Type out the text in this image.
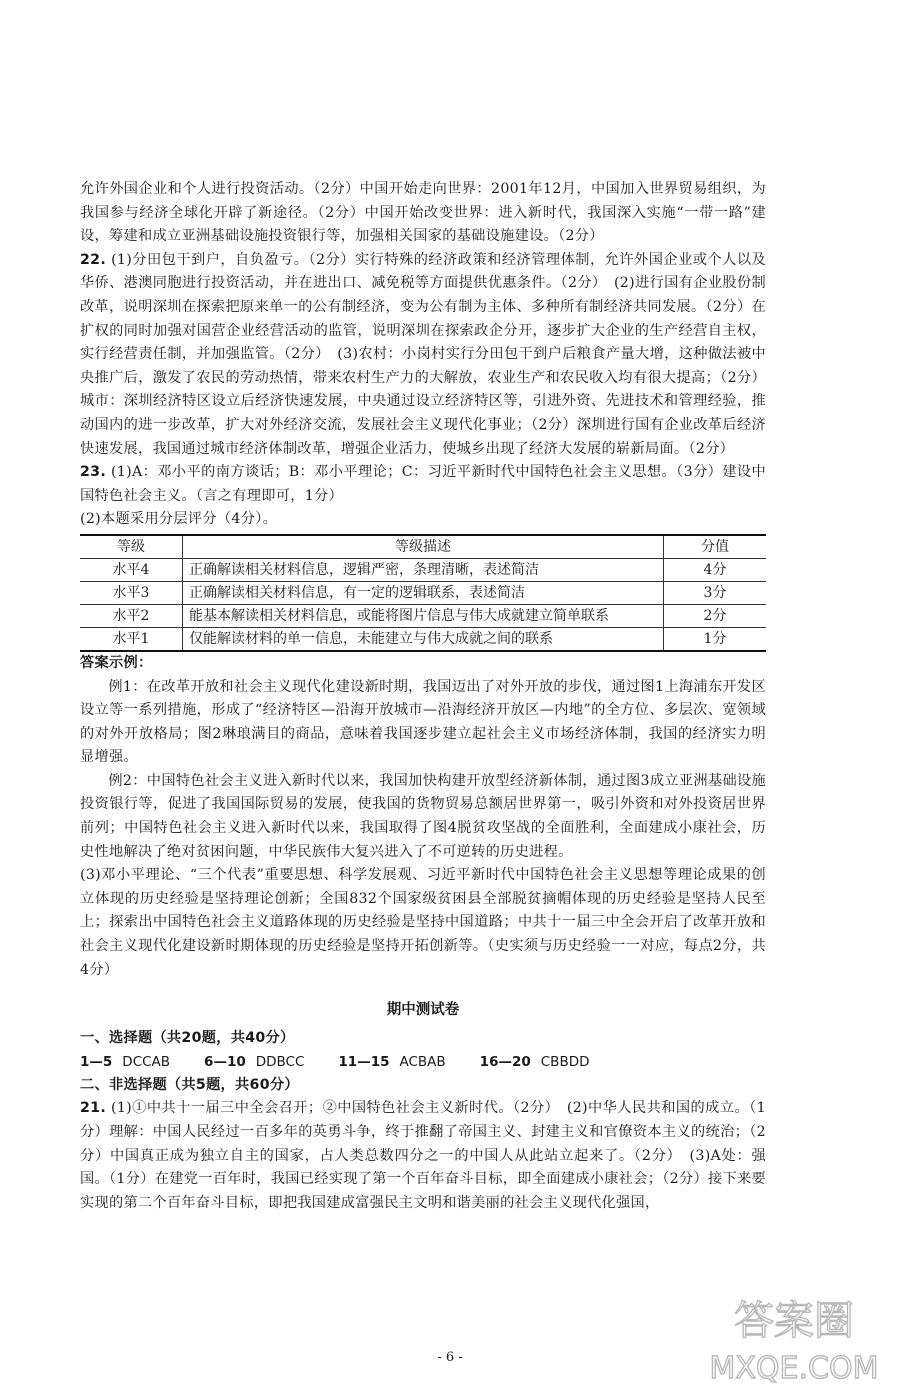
允许外国企业和个人进行投资活动。（2分）中国开始走向世界：2001年12月，中国加入世界贸易组织，为我国参与经济全球化开辟了新途径。（2分）中国开始改变世界：进入新时代，我国深入实施“一带一路”建设，筹建和成立亚洲基础设施投资银行等，加强相关国家的基础设施建设。（2分）

22. (1)分田包干到户，自负盈亏。（2分）实行特殊的经济政策和经济管理体制，允许外国企业或个人以及华侨、港澳同胞进行投资活动，并在进出口、减免税等方面提供优惠条件。（2分）　(2)进行国有企业股份制改革，说明深圳在探索把原来单一的公有制经济，变为公有制为主体、多种所有制经济共同发展。（2分）在扩权的同时加强对国营企业经营活动的监管，说明深圳在探索政企分开，逐步扩大企业的生产经营自主权，实行经营责任制，并加强监管。（2分）　(3)农村：小岗村实行分田包干到户后粮食产量大增，这种做法被中央推广后，激发了农民的劳动热情，带来农村生产力的大解放，农业生产和农民收入均有很大提高；（2分）城市：深圳经济特区设立后经济快速发展，中央通过设立经济特区等，引进外资、先进技术和管理经验，推动国内的进一步改革，扩大对外经济交流，发展社会主义现代化事业；（2分）深圳进行国有企业改革后经济快速发展，我国通过城市经济体制改革，增强企业活力，使城乡出现了经济大发展的崭新局面。（2分）

23. (1)A：邓小平的南方谈话；B：邓小平理论；C：习近平新时代中国特色社会主义思想。（3分）建设中国特色社会主义。（言之有理即可，1分）

(2)本题采用分层评分（4分）。

等级	等级描述	分值
水平4	正确解读相关材料信息，逻辑严密，条理清晰，表述简洁	4分
水平3	正确解读相关材料信息，有一定的逻辑联系，表述简洁	3分
水平2	能基本解读相关材料信息，或能将图片信息与伟大成就建立简单联系	2分
水平1	仅能解读材料的单一信息，未能建立与伟大成就之间的联系	1分

答案示例：

例1：在改革开放和社会主义现代化建设新时期，我国迈出了对外开放的步伐，通过图1上海浦东开发区设立等一系列措施，形成了“经济特区—沿海开放城市—沿海经济开放区—内地”的全方位、多层次、宽领域的对外开放格局；图2琳琅满目的商品，意味着我国逐步建立起社会主义市场经济体制，我国的经济实力明显增强。

例2：中国特色社会主义进入新时代以来，我国加快构建开放型经济新体制，通过图3成立亚洲基础设施投资银行等，促进了我国国际贸易的发展，使我国的货物贸易总额居世界第一，吸引外资和对外投资居世界前列；中国特色社会主义进入新时代以来，我国取得了图4脱贫攻坚战的全面胜利，全面建成小康社会，历史性地解决了绝对贫困问题，中华民族伟大复兴进入了不可逆转的历史进程。

(3)邓小平理论、“三个代表”重要思想、科学发展观、习近平新时代中国特色社会主义思想等理论成果的创立体现的历史经验是坚持理论创新；全国832个国家级贫困县全部脱贫摘帽体现的历史经验是坚持人民至上；探索出中国特色社会主义道路体现的历史经验是坚持中国道路；中共十一届三中全会开启了改革开放和社会主义现代化建设新时期体现的历史经验是坚持开拓创新等。（史实须与历史经验一一对应，每点2分，共4分）

期中测试卷

一、选择题（共20题，共40分）

1—5 DCCAB	6—10 DDBCC	11—15 ACBAB	16—20 CBBDD

二、非选择题（共5题，共60分）

21. (1)①中共十一届三中全会召开；②中国特色社会主义新时代。（2分）　(2)中华人民共和国的成立。（1分）理解：中国人民经过一百多年的英勇斗争，终于推翻了帝国主义、封建主义和官僚资本主义的统治；（2分）中国真正成为独立自主的国家，占人类总数四分之一的中国人从此站立起来了。（2分）　(3)A处：强国。（1分）在建党一百年时，我国已经实现了第一个百年奋斗目标，即全面建成小康社会；（2分）接下来要实现的第二个百年奋斗目标，即把我国建成富强民主文明和谐美丽的社会主义现代化强国，

- 6 -
答案圈
MXQE.COM
